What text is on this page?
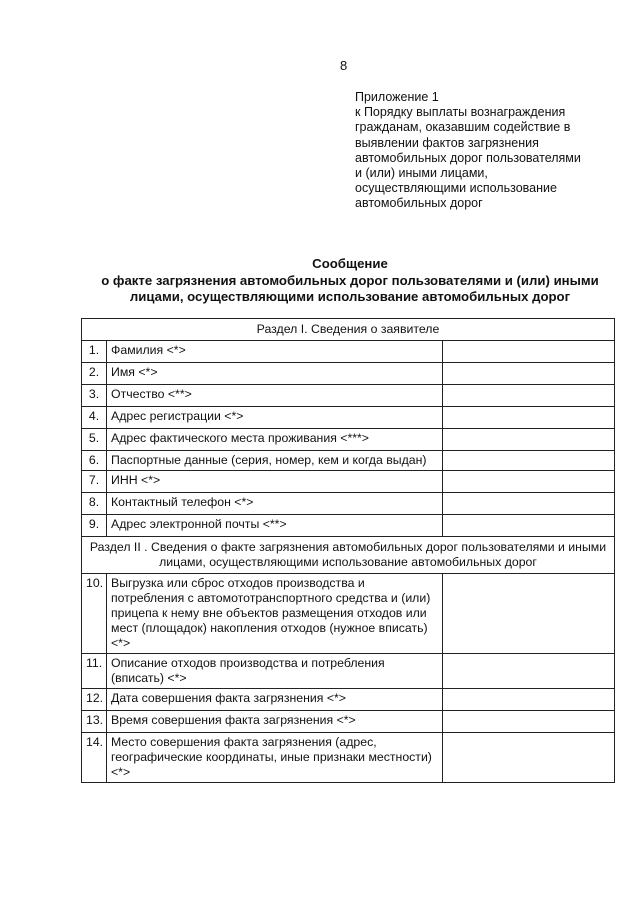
8
Приложение 1
к Порядку выплаты вознаграждения
гражданам, оказавшим содействие в
выявлении фактов загрязнения
автомобильных дорог пользователями
и (или) иными лицами,
осуществляющими использование
автомобильных дорог
Сообщение
о факте загрязнения автомобильных дорог пользователями и (или) иными
лицами, осуществляющими использование автомобильных дорог
Раздел I. Сведения о заявителе		
1.	Фамилия <*>	
2.	Имя <*>	
3.	Отчество <**>	
4.	Адрес регистрации <*>	
5.	Адрес фактического места проживания <***>	
6.	Паспортные данные (серия, номер, кем и когда выдан)	
7.	ИНН <*>	
8.	Контактный телефон <*>	
9.	Адрес электронной почты <**>	
Раздел II . Сведения о факте загрязнения автомобильных дорог пользователями и иными лицами, осуществляющими использование автомобильных дорог		
10.	Выгрузка или сброс отходов производства и потребления с автомототранспортного средства и (или) прицепа к нему вне объектов размещения отходов или мест (площадок) накопления отходов (нужное вписать) <*>	
11.	Описание отходов производства и потребления (вписать) <*>	
12.	Дата совершения факта загрязнения <*>	
13.	Время совершения факта загрязнения <*>	
14.	Место совершения факта загрязнения (адрес, географические координаты, иные признаки местности) <*>	
